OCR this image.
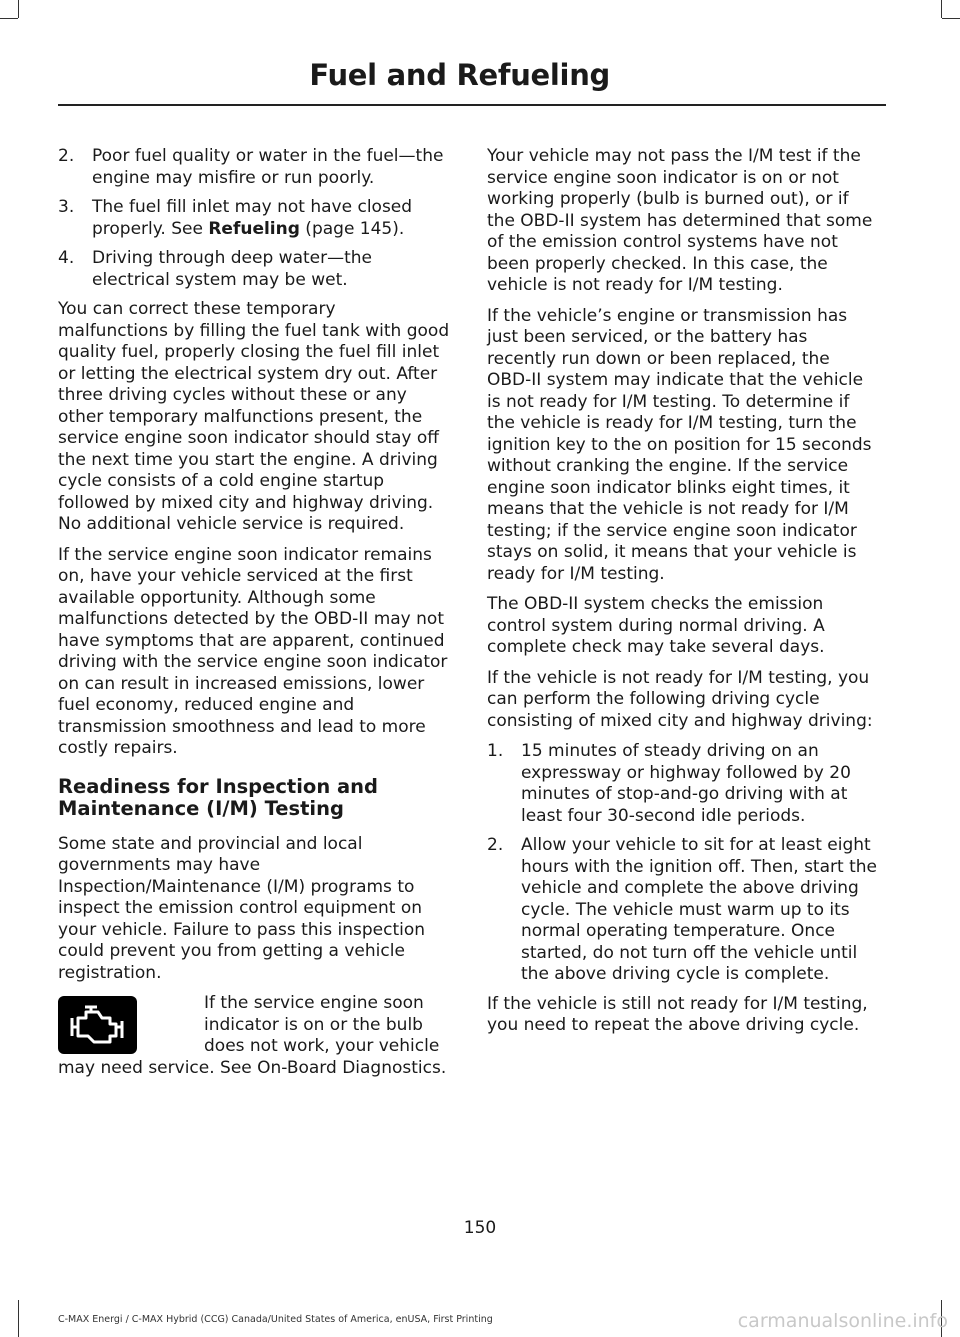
Fuel and Refueling
2. Poor fuel quality or water in the fuel—the engine may misfire or run poorly.
3. The fuel fill inlet may not have closed properly. See Refueling (page 145).
4. Driving through deep water—the electrical system may be wet.

You can correct these temporary malfunctions by filling the fuel tank with good quality fuel, properly closing the fuel fill inlet or letting the electrical system dry out. After three driving cycles without these or any other temporary malfunctions present, the service engine soon indicator should stay off the next time you start the engine. A driving cycle consists of a cold engine startup followed by mixed city and highway driving. No additional vehicle service is required.

If the service engine soon indicator remains on, have your vehicle serviced at the first available opportunity. Although some malfunctions detected by the OBD-II may not have symptoms that are apparent, continued driving with the service engine soon indicator on can result in increased emissions, lower fuel economy, reduced engine and transmission smoothness and lead to more costly repairs.

Readiness for Inspection and Maintenance (I/M) Testing

Some state and provincial and local governments may have Inspection/Maintenance (I/M) programs to inspect the emission control equipment on your vehicle. Failure to pass this inspection could prevent you from getting a vehicle registration.

If the service engine soon indicator is on or the bulb does not work, your vehicle may need service. See On-Board Diagnostics.

Your vehicle may not pass the I/M test if the service engine soon indicator is on or not working properly (bulb is burned out), or if the OBD-II system has determined that some of the emission control systems have not been properly checked. In this case, the vehicle is not ready for I/M testing.

If the vehicle’s engine or transmission has just been serviced, or the battery has recently run down or been replaced, the OBD-II system may indicate that the vehicle is not ready for I/M testing. To determine if the vehicle is ready for I/M testing, turn the ignition key to the on position for 15 seconds without cranking the engine. If the service engine soon indicator blinks eight times, it means that the vehicle is not ready for I/M testing; if the service engine soon indicator stays on solid, it means that your vehicle is ready for I/M testing.

The OBD-II system checks the emission control system during normal driving. A complete check may take several days.

If the vehicle is not ready for I/M testing, you can perform the following driving cycle consisting of mixed city and highway driving:

1. 15 minutes of steady driving on an expressway or highway followed by 20 minutes of stop-and-go driving with at least four 30-second idle periods.
2. Allow your vehicle to sit for at least eight hours with the ignition off. Then, start the vehicle and complete the above driving cycle. The vehicle must warm up to its normal operating temperature. Once started, do not turn off the vehicle until the above driving cycle is complete.

If the vehicle is still not ready for I/M testing, you need to repeat the above driving cycle.

150
C-MAX Energi / C-MAX Hybrid (CCG) Canada/United States of America, enUSA, First Printing	carmanualsonline.info
